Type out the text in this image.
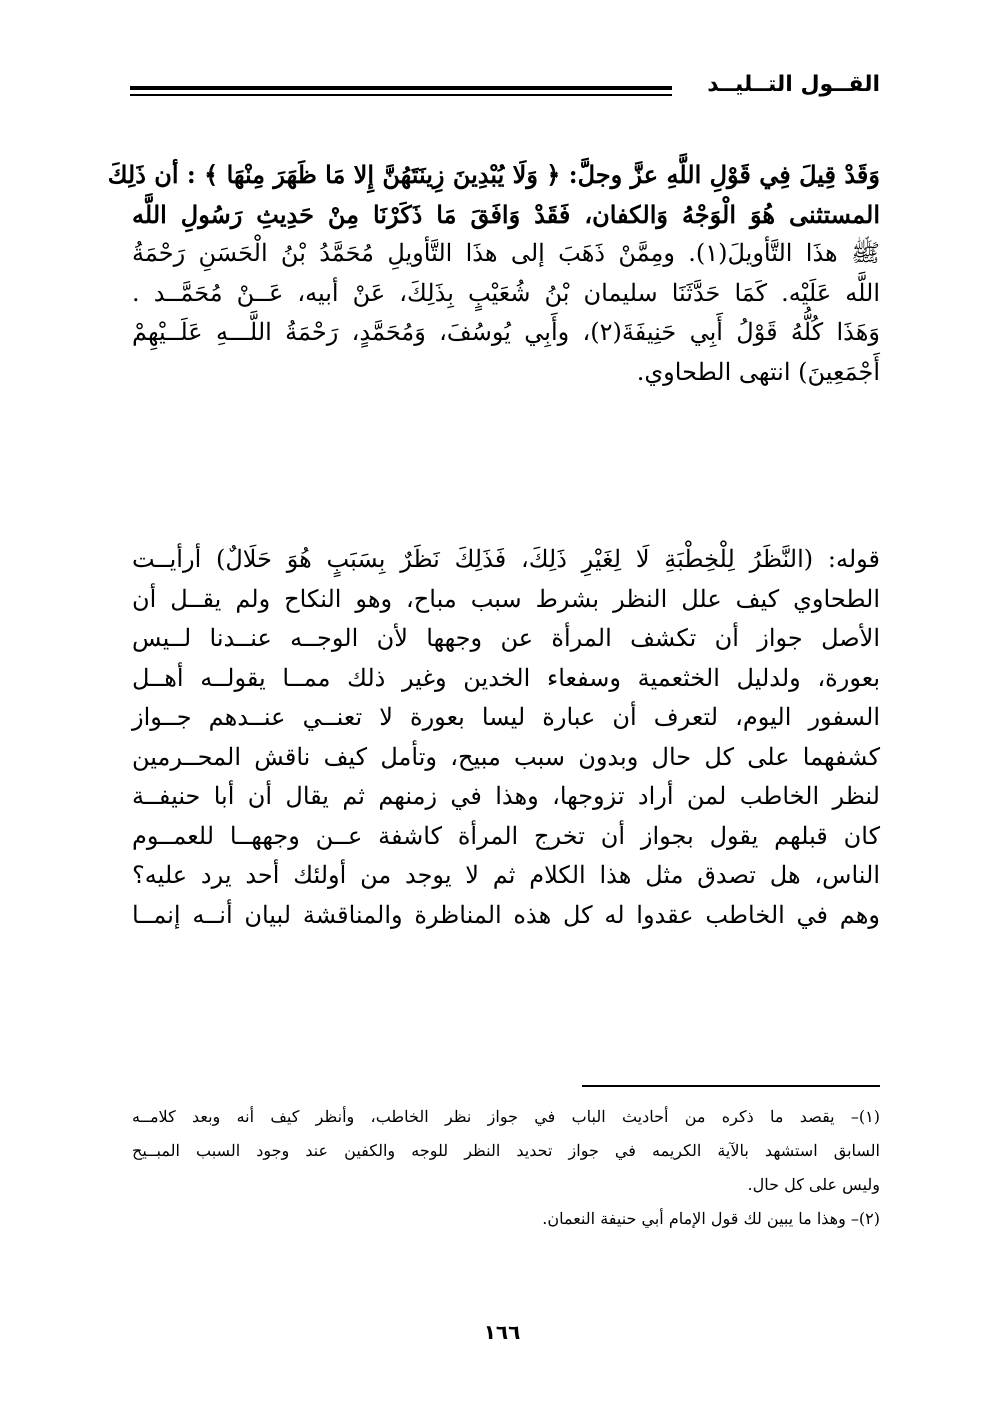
القــول التــليــد
وَقَدْ قِيلَ فِي قَوْلِ اللَّهِ عزَّ وجلَّ: ﴿ وَلَا يُبْدِينَ زِينَتَهُنَّ إِلا مَا ظَهَرَ مِنْهَا ﴾ : أن ذَلِكَ
المستثنى هُوَ الْوَجْهُ وَالكفان، فَقَدْ وَافَقَ مَا ذَكَرْنَا مِنْ حَدِيثِ رَسُولِ اللَّه
ﷺ هذَا التَّأويلَ(١). ومِمَّنْ ذَهَبَ إلى هذَا التَّأويلِ مُحَمَّدُ بْنُ الْحَسَنِ رَحْمَةُ
اللَّه عَلَيْه. كَمَا حَدَّثَنَا سليمان بْنُ شُعَيْبٍ بِذَلِكَ، عَنْ أبيه، عَــنْ مُحَمَّــد .
وَهَذَا كُلُّهُ قَوْلُ أَبِي حَنِيفَةَ(٢)، وأَبِي يُوسُفَ، وَمُحَمَّدٍ، رَحْمَةُ اللَّـــهِ عَلَــيْهِمْ
أَجْمَعِينَ) انتهى الطحاوي.
قوله: (النَّظَرُ لِلْخِطْبَةِ لَا لِغَيْرِ ذَلِكَ، فَذَلِكَ نَظَرٌ بِسَبَبٍ هُوَ حَلَالٌ) أرأيــت
الطحاوي كيف علل النظر بشرط سبب مباح، وهو النكاح ولم يقــل أن
الأصل جواز أن تكشف المرأة عن وجهها لأن الوجــه عنــدنا لــيس
بعورة، ولدليل الخثعمية وسفعاء الخدين وغير ذلك ممــا يقولــه أهــل
السفور اليوم، لتعرف أن عبارة ليسا بعورة لا تعنــي عنــدهم جــواز
كشفهما على كل حال وبدون سبب مبيح، وتأمل كيف ناقش المحــرمين
لنظر الخاطب لمن أراد تزوجها، وهذا في زمنهم ثم يقال أن أبا حنيفــة
كان قبلهم يقول بجواز أن تخرج المرأة كاشفة عــن وجههــا للعمــوم
الناس، هل تصدق مثل هذا الكلام ثم لا يوجد من أولئك أحد يرد عليه؟
وهم في الخاطب عقدوا له كل هذه المناظرة والمناقشة لبيان أنــه إنمــا
(١)– يقصد ما ذكره من أحاديث الباب في جواز نظر الخاطب، وأنظر كيف أنه وبعد كلامــه
السابق استشهد بالآية الكريمه في جواز تحديد النظر للوجه والكفين عند وجود السبب المبــيح
وليس على كل حال.
(٢)– وهذا ما يبين لك قول الإمام أبي حنيفة النعمان.
١٦٦
